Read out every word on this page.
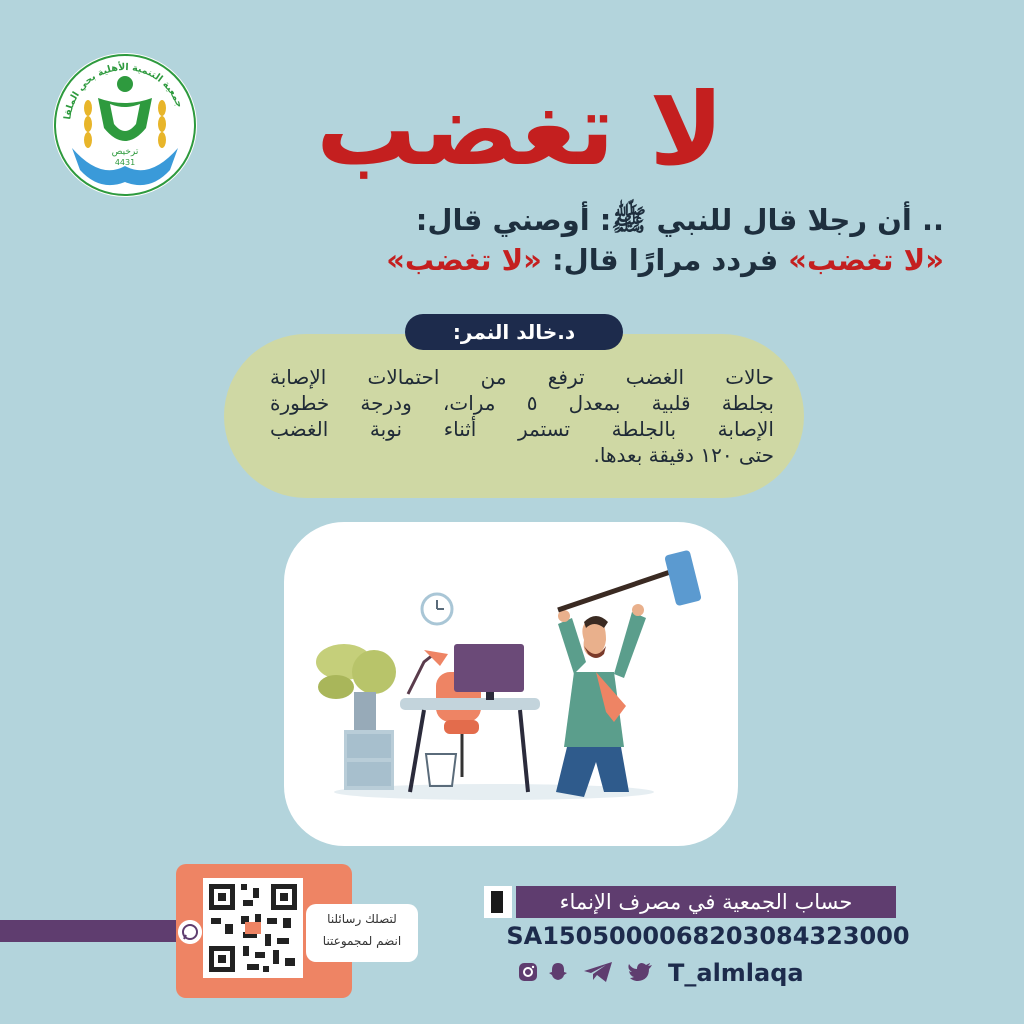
جمعية التنمية الأهلية بحي الملقا
ترخيص
4431	لا تغضب
.. أن رجلا قال للنبي ﷺ: أوصني قال:
«لا تغضب» فردد مرارًا قال: «لا تغضب»
د.خالد النمر:
حالات الغضب ترفع من احتمالات الإصابة
بجلطة قلبية بمعدل ٥ مرات، ودرجة خطورة
الإصابة بالجلطة تستمر أثناء نوبة الغضب
حتى ١٢٠ دقيقة بعدها.
لتصلك رسائلنا
انضم لمجموعتنا
حساب الجمعية في مصرف الإنماء
SA1505000068203084323000
T_almlaqa
